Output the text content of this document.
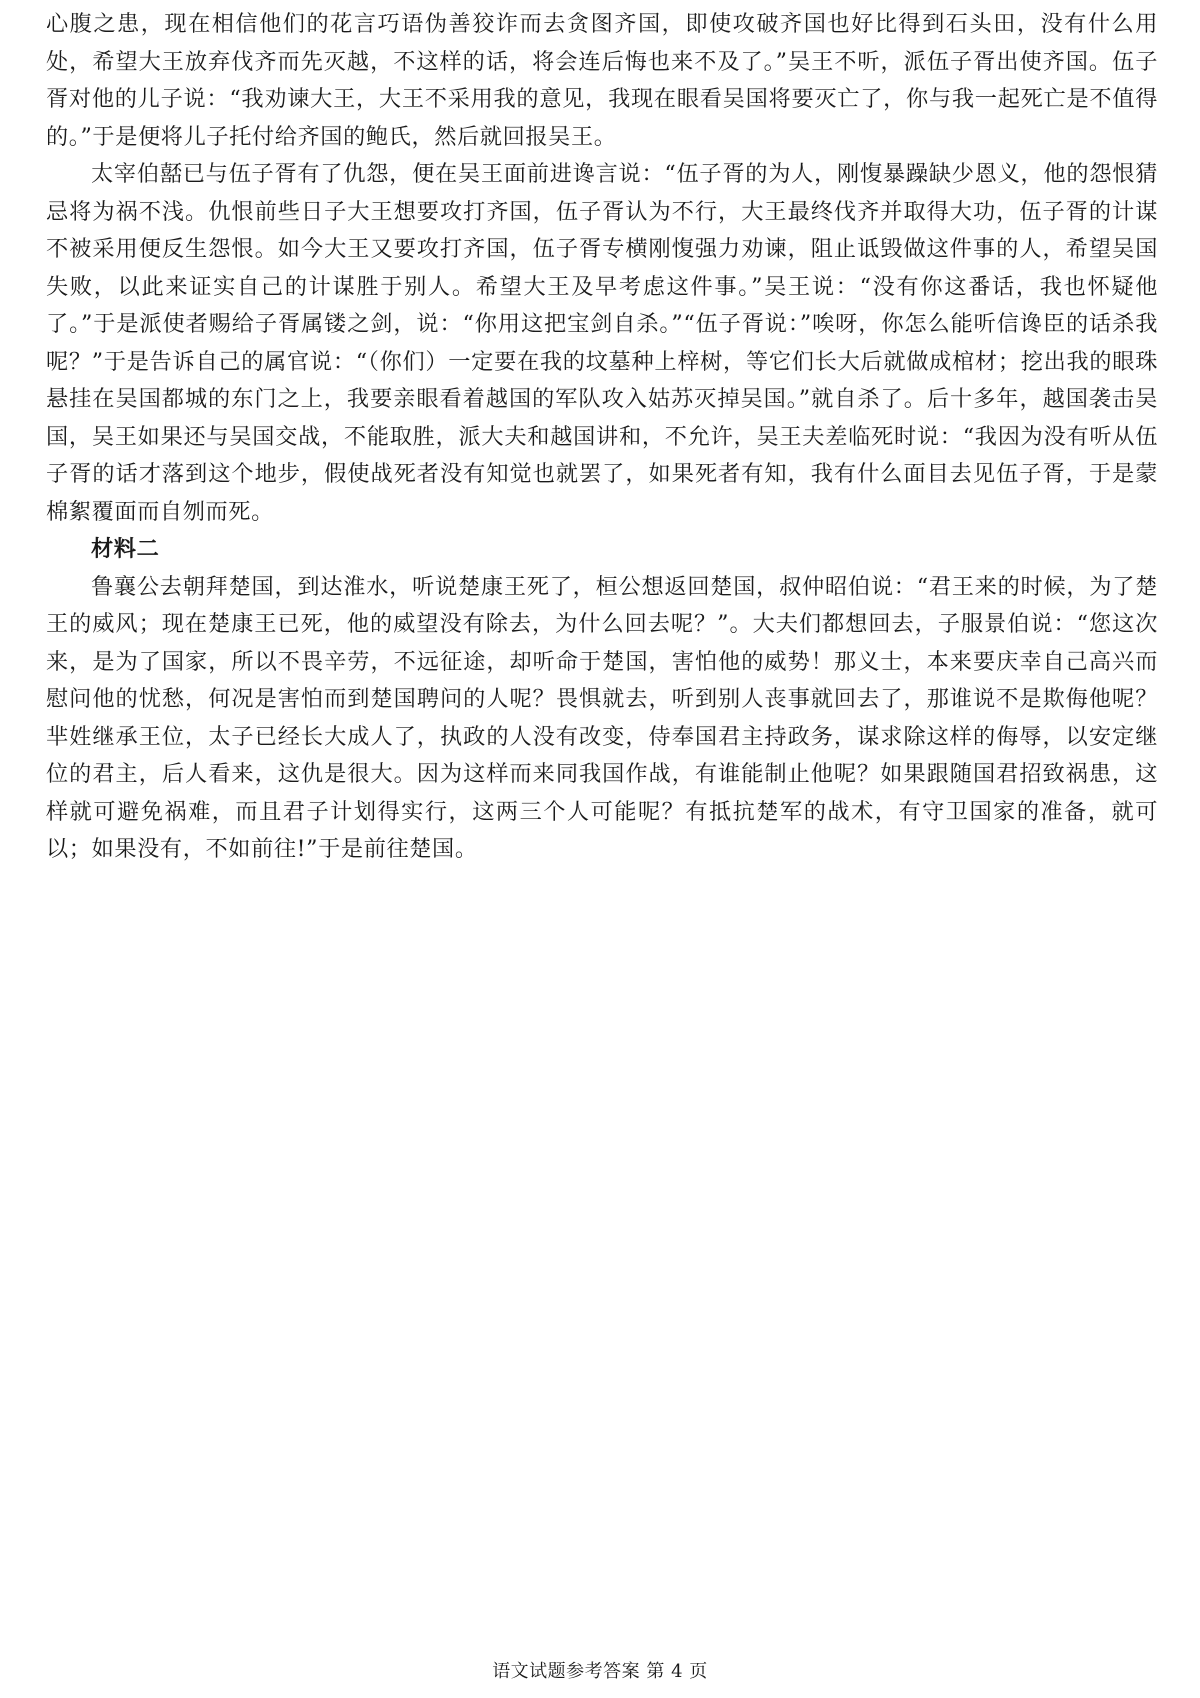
心腹之患，现在相信他们的花言巧语伪善狡诈而去贪图齐国，即使攻破齐国也好比得到石头田，没有什么用处，希望大王放弃伐齐而先灭越，不这样的话，将会连后悔也来不及了。”吴王不听，派伍子胥出使齐国。伍子胥对他的儿子说：“我劝谏大王，大王不采用我的意见，我现在眼看吴国将要灭亡了，你与我一起死亡是不值得的。”于是便将儿子托付给齐国的鲍氏，然后就回报吴王。

太宰伯嚭已与伍子胥有了仇怨，便在吴王面前进谗言说：“伍子胥的为人，刚愎暴躁缺少恩义，他的怨恨猜忌将为祸不浅。仇恨前些日子大王想要攻打齐国，伍子胥认为不行，大王最终伐齐并取得大功，伍子胥的计谋不被采用便反生怨恨。如今大王又要攻打齐国，伍子胥专横刚愎强力劝谏，阻止诋毁做这件事的人，希望吴国失败，以此来证实自己的计谋胜于别人。希望大王及早考虑这件事。”吴王说：“没有你这番话，我也怀疑他了。”于是派使者赐给子胥属镂之剑，说：“你用这把宝剑自杀。”“伍子胥说：”唉呀，你怎么能听信谗臣的话杀我呢？”于是告诉自己的属官说：“（你们）一定要在我的坟墓种上梓树，等它们长大后就做成棺材；挖出我的眼珠悬挂在吴国都城的东门之上，我要亲眼看着越国的军队攻入姑苏灭掉吴国。”就自杀了。后十多年，越国袭击吴国，吴王如果还与吴国交战，不能取胜，派大夫和越国讲和，不允许，吴王夫差临死时说：“我因为没有听从伍子胥的话才落到这个地步，假使战死者没有知觉也就罢了，如果死者有知，我有什么面目去见伍子胥，于是蒙棉絮覆面而自刎而死。

材料二

鲁襄公去朝拜楚国，到达淮水，听说楚康王死了，桓公想返回楚国，叔仲昭伯说：“君王来的时候，为了楚王的威风；现在楚康王已死，他的威望没有除去，为什么回去呢？”。大夫们都想回去，子服景伯说：“您这次来，是为了国家，所以不畏辛劳，不远征途，却听命于楚国，害怕他的威势！那义士，本来要庆幸自己高兴而慰问他的忧愁，何况是害怕而到楚国聘问的人呢？畏惧就去，听到别人丧事就回去了，那谁说不是欺侮他呢？芈姓继承王位，太子已经长大成人了，执政的人没有改变，侍奉国君主持政务，谋求除这样的侮辱，以安定继位的君主，后人看来，这仇是很大。因为这样而来同我国作战，有谁能制止他呢？如果跟随国君招致祸患，这样就可避免祸难，而且君子计划得实行，这两三个人可能呢？有抵抗楚军的战术，有守卫国家的准备，就可以；如果没有，不如前往!”于是前往楚国。

语文试题参考答案 第 4 页
